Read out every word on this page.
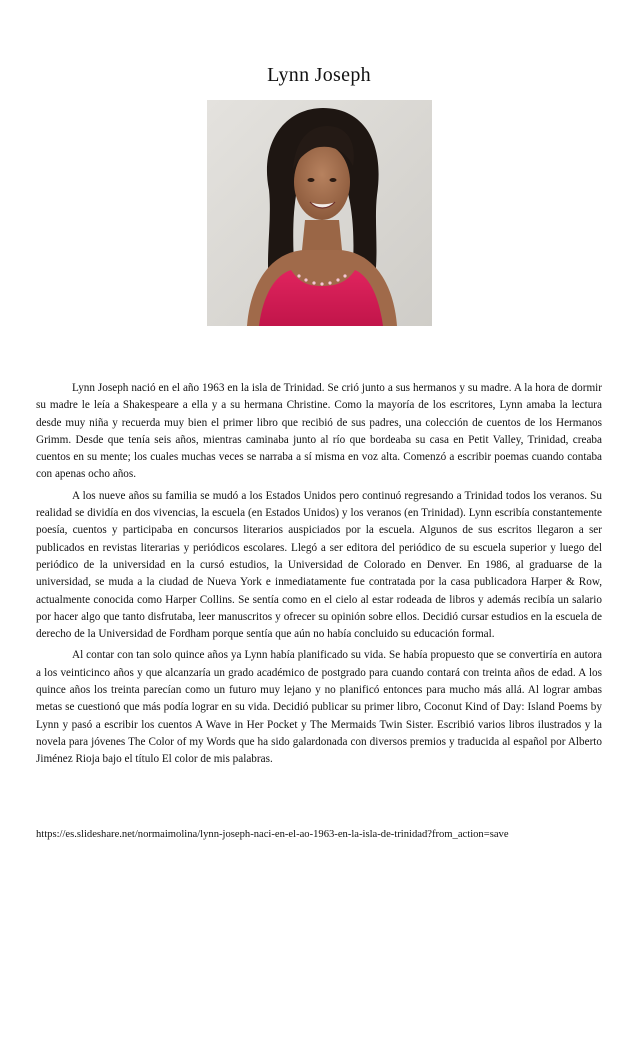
Lynn Joseph

Lynn Joseph nació en el año 1963 en la isla de Trinidad. Se crió junto a sus hermanos y su madre. A la hora de dormir su madre le leía a Shakespeare a ella y a su hermana Christine. Como la mayoría de los escritores, Lynn amaba la lectura desde muy niña y recuerda muy bien el primer libro que recibió de sus padres, una colección de cuentos de los Hermanos Grimm. Desde que tenía seis años, mientras caminaba junto al río que bordeaba su casa en Petit Valley, Trinidad, creaba cuentos en su mente; los cuales muchas veces se narraba a sí misma en voz alta. Comenzó a escribir poemas cuando contaba con apenas ocho años.

A los nueve años su familia se mudó a los Estados Unidos pero continuó regresando a Trinidad todos los veranos. Su realidad se dividía en dos vivencias, la escuela (en Estados Unidos) y los veranos (en Trinidad). Lynn escribía constantemente poesía, cuentos y participaba en concursos literarios auspiciados por la escuela. Algunos de sus escritos llegaron a ser publicados en revistas literarias y periódicos escolares. Llegó a ser editora del periódico de su escuela superior y luego del periódico de la universidad en la cursó estudios, la Universidad de Colorado en Denver. En 1986, al graduarse de la universidad, se muda a la ciudad de Nueva York e inmediatamente fue contratada por la casa publicadora Harper & Row, actualmente conocida como Harper Collins. Se sentía como en el cielo al estar rodeada de libros y además recibía un salario por hacer algo que tanto disfrutaba, leer manuscritos y ofrecer su opinión sobre ellos. Decidió cursar estudios en la escuela de derecho de la Universidad de Fordham porque sentía que aún no había concluido su educación formal.

Al contar con tan solo quince años ya Lynn había planificado su vida. Se había propuesto que se convertiría en autora a los veinticinco años y que alcanzaría un grado académico de postgrado para cuando contará con treinta años de edad. A los quince años los treinta parecían como un futuro muy lejano y no planificó entonces para mucho más allá. Al lograr ambas metas se cuestionó que más podía lograr en su vida. Decidió publicar su primer libro, Coconut Kind of Day: Island Poems by Lynn y pasó a escribir los cuentos A Wave in Her Pocket y The Mermaids Twin Sister. Escribió varios libros ilustrados y la novela para jóvenes The Color of my Words que ha sido galardonada con diversos premios y traducida al español por Alberto Jiménez Rioja bajo el título El color de mis palabras.

https://es.slideshare.net/normaimolina/lynn-joseph-naci-en-el-ao-1963-en-la-isla-de-trinidad?from_action=save
